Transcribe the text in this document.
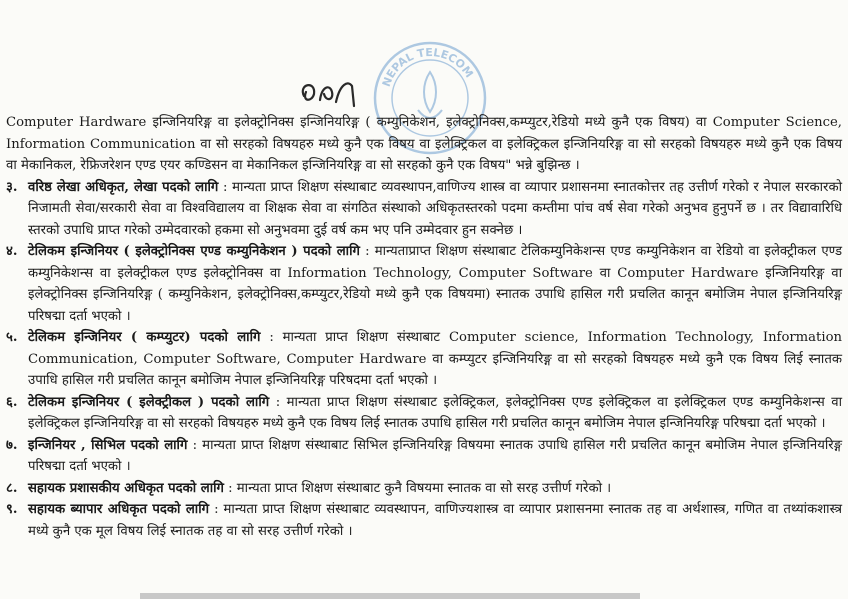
NEPAL TELECOM

Computer Hardware इन्जिनियरिङ्ग वा इलेक्ट्रोनिक्स इन्जिनियरिङ्ग ( कम्युनिकेशन, इलेक्ट्रोनिक्स,कम्प्युटर,रेडियो मध्ये कुनै एक विषय) वा Computer Science, Information Communication वा सो सरहको विषयहरु मध्ये कुनै एक विषय वा इलेक्ट्रिकल वा इलेक्ट्रिकल इन्जिनियरिङ्ग वा सो सरहको विषयहरु मध्ये कुनै एक विषय वा मेकानिकल, रेफ्रिजरेशन एण्ड एयर कण्डिसन वा मेकानिकल इन्जिनियरिङ्ग वा सो सरहको कुनै एक विषय" भन्ने बुझिन्छ ।

३. वरिष्ठ लेखा अधिकृत, लेखा पदको लागि : मान्यता प्राप्त शिक्षण संस्थाबाट व्यवस्थापन,वाणिज्य शास्त्र वा व्यापार प्रशासनमा स्नातकोत्तर तह उत्तीर्ण गरेको र नेपाल सरकारको निजामती सेवा/सरकारी सेवा वा विश्वविद्यालय वा शिक्षक सेवा वा संगठित संस्थाको अधिकृतस्तरको पदमा कम्तीमा पांच वर्ष सेवा गरेको अनुभव हुनुपर्ने छ । तर विद्यावारिधि स्तरको उपाधि प्राप्त गरेको उम्मेदवारको हकमा सो अनुभवमा दुई वर्ष कम भए पनि उम्मेदवार हुन सक्नेछ ।

४. टेलिकम इन्जिनियर ( इलेक्ट्रोनिक्स एण्ड कम्युनिकेशन ) पदको लागि : मान्यताप्राप्त शिक्षण संस्थाबाट टेलिकम्युनिकेशन्स एण्ड कम्युनिकेशन वा रेडियो वा इलेक्ट्रीकल एण्ड कम्युनिकेशन्स वा इलेक्ट्रीकल एण्ड इलेक्ट्रोनिक्स वा Information Technology, Computer Software वा Computer Hardware इन्जिनियरिङ्ग वा इलेक्ट्रोनिक्स इन्जिनियरिङ्ग ( कम्युनिकेशन, इलेक्ट्रोनिक्स,कम्प्युटर,रेडियो मध्ये कुनै एक विषयमा) स्नातक उपाधि हासिल गरी प्रचलित कानून बमोजिम नेपाल इन्जिनियरिङ्ग परिषद्मा दर्ता भएको ।

५. टेलिकम इन्जिनियर ( कम्प्युटर) पदको लागि : मान्यता प्राप्त शिक्षण संस्थाबाट Computer science, Information Technology, Information Communication, Computer Software, Computer Hardware वा कम्प्युटर इन्जिनियरिङ्ग वा सो सरहको विषयहरु मध्ये कुनै एक विषय लिई स्नातक उपाधि हासिल गरी प्रचलित कानून बमोजिम नेपाल इन्जिनियरिङ्ग परिषदमा दर्ता भएको ।

६. टेलिकम इन्जिनियर ( इलेक्ट्रीकल ) पदको लागि : मान्यता प्राप्त शिक्षण संस्थाबाट इलेक्ट्रिकल, इलेक्ट्रोनिक्स एण्ड इलेक्ट्रिकल वा इलेक्ट्रिकल एण्ड कम्युनिकेशन्स वा इलेक्ट्रिकल इन्जिनियरिङ्ग वा सो सरहको विषयहरु मध्ये कुनै एक विषय लिई स्नातक उपाधि हासिल गरी प्रचलित कानून बमोजिम नेपाल इन्जिनियरिङ्ग परिषद्मा दर्ता भएको ।

७. इन्जिनियर , सिभिल पदको लागि : मान्यता प्राप्त शिक्षण संस्थाबाट सिभिल इन्जिनियरिङ्ग विषयमा स्नातक उपाधि हासिल गरी प्रचलित कानून बमोजिम नेपाल इन्जिनियरिङ्ग परिषद्मा दर्ता भएको ।

८. सहायक प्रशासकीय अधिकृत पदको लागि : मान्यता प्राप्त शिक्षण संस्थाबाट कुनै विषयमा स्नातक वा सो सरह उत्तीर्ण गरेको ।

९. सहायक ब्यापार अधिकृत पदको लागि : मान्यता प्राप्त शिक्षण संस्थाबाट व्यवस्थापन, वाणिज्यशास्त्र वा व्यापार प्रशासनमा स्नातक तह वा अर्थशास्त्र, गणित वा तथ्यांकशास्त्र मध्ये कुनै एक मूल विषय लिई स्नातक तह वा सो सरह उत्तीर्ण गरेको ।
